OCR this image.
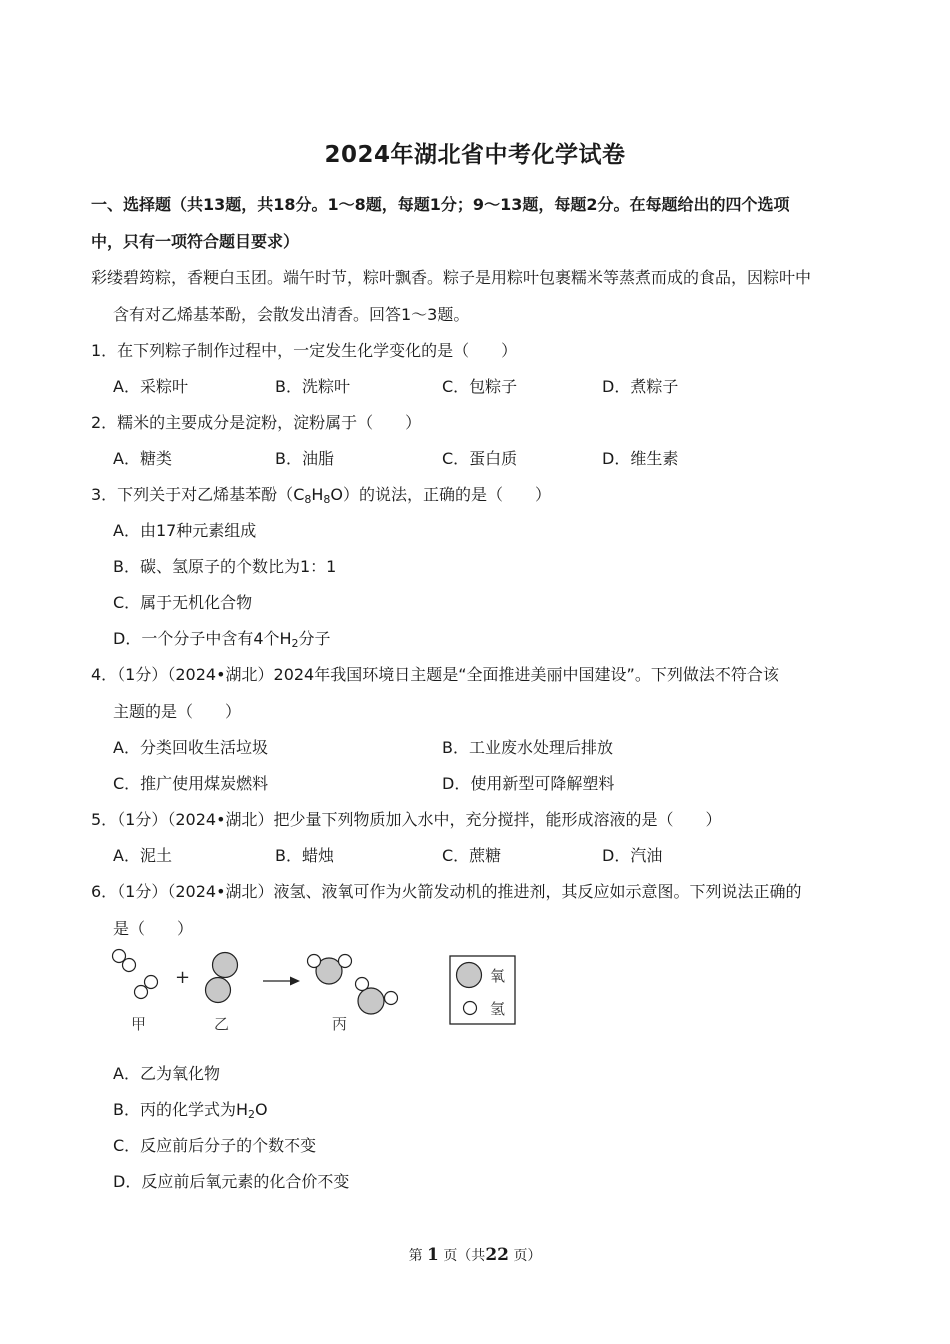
2024年湖北省中考化学试卷
一、选择题（共13题，共18分。1～8题，每题1分；9～13题，每题2分。在每题给出的四个选项
中，只有一项符合题目要求）
彩缕碧筠粽，香粳白玉团。端午时节，粽叶飘香。粽子是用粽叶包裹糯米等蒸煮而成的食品，因粽叶中
含有对乙烯基苯酚，会散发出清香。回答1～3题。
1．在下列粽子制作过程中，一定发生化学变化的是（　　）
A．采粽叶	B．洗粽叶	C．包粽子	D．煮粽子
2．糯米的主要成分是淀粉，淀粉属于（　　）
A．糖类	B．油脂	C．蛋白质	D．维生素
3．下列关于对乙烯基苯酚$(C_8H_8O)$的说法，正确的是（　　）
A．由17种元素组成
B．碳、氢原子的个数比为1：1
C．属于无机化合物
D．一个分子中含有4个$H_2$分子
4．（1分）（2024•湖北）2024年我国环境日主题是“全面推进美丽中国建设”。下列做法不符合该
主题的是（　　）
A．分类回收生活垃圾	B．工业废水处理后排放
C．推广使用煤炭燃料	D．使用新型可降解塑料
5．（1分）（2024•湖北）把少量下列物质加入水中，充分搅拌，能形成溶液的是（　　）
A．泥土	B．蜡烛	C．蔗糖	D．汽油
6．（1分）（2024•湖北）液氢、液氧可作为火箭发动机的推进剂，其反应如示意图。下列说法正确的
是（　　）
+
甲	乙	丙
氧
氢
A．乙为氧化物
B．丙的化学式为$H_2O$
C．反应前后分子的个数不变
D．反应前后氧元素的化合价不变
第 1 页（共22 页）
